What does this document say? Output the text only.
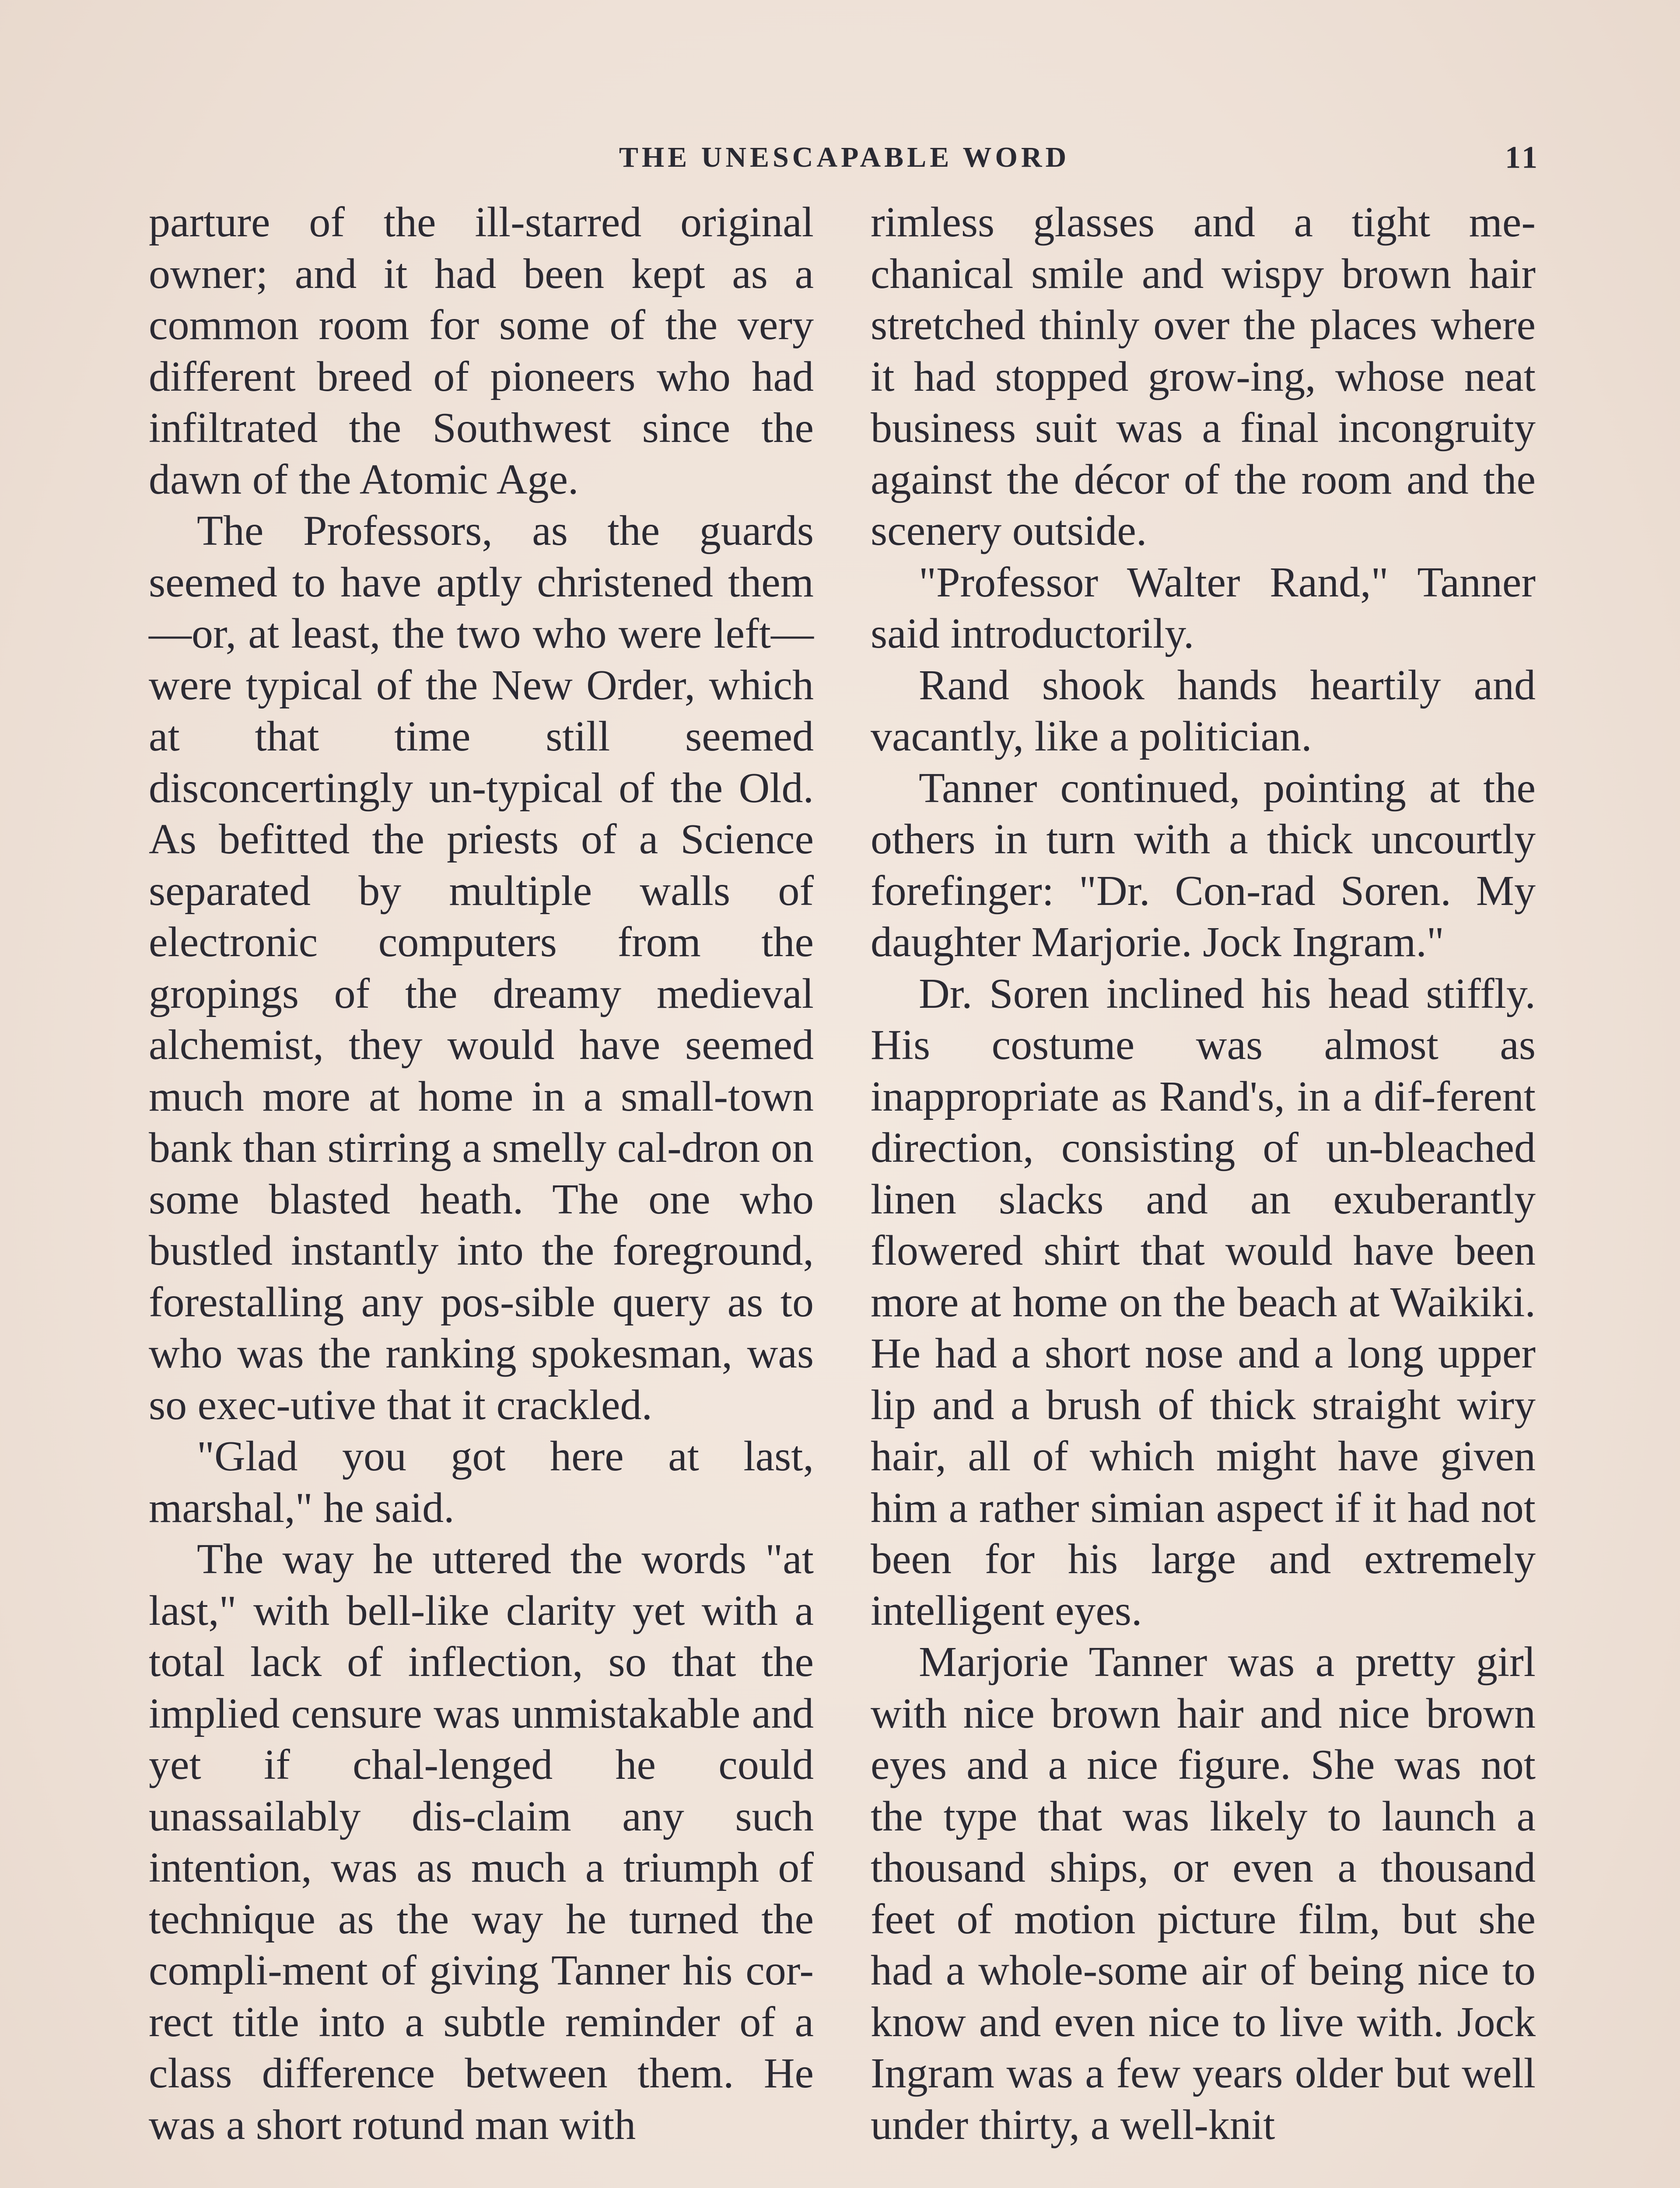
THE UNESCAPABLE WORD	11

parture of the ill-starred original owner; and it had been kept as a common room for some of the very different breed of pioneers who had infiltrated the Southwest since the dawn of the Atomic Age.

The Professors, as the guards seemed to have aptly christened them—or, at least, the two who were left—were typical of the New Order, which at that time still seemed disconcertingly un-typical of the Old. As befitted the priests of a Science separated by multiple walls of electronic computers from the gropings of the dreamy medieval alchemist, they would have seemed much more at home in a small-town bank than stirring a smelly cal-dron on some blasted heath. The one who bustled instantly into the foreground, forestalling any pos-sible query as to who was the ranking spokesman, was so exec-utive that it crackled.

"Glad you got here at last, marshal," he said.

The way he uttered the words "at last," with bell-like clarity yet with a total lack of inflection, so that the implied censure was unmistakable and yet if chal-lenged he could unassailably dis-claim any such intention, was as much a triumph of technique as the way he turned the compli-ment of giving Tanner his cor-rect title into a subtle reminder of a class difference between them. He was a short rotund man with

rimless glasses and a tight me-chanical smile and wispy brown hair stretched thinly over the places where it had stopped grow-ing, whose neat business suit was a final incongruity against the décor of the room and the scenery outside.

"Professor Walter Rand," Tanner said introductorily.

Rand shook hands heartily and vacantly, like a politician.

Tanner continued, pointing at the others in turn with a thick uncourtly forefinger: "Dr. Con-rad Soren. My daughter Marjorie. Jock Ingram."

Dr. Soren inclined his head stiffly. His costume was almost as inappropriate as Rand's, in a dif-ferent direction, consisting of un-bleached linen slacks and an exuberantly flowered shirt that would have been more at home on the beach at Waikiki. He had a short nose and a long upper lip and a brush of thick straight wiry hair, all of which might have given him a rather simian aspect if it had not been for his large and extremely intelligent eyes.

Marjorie Tanner was a pretty girl with nice brown hair and nice brown eyes and a nice figure. She was not the type that was likely to launch a thousand ships, or even a thousand feet of motion picture film, but she had a whole-some air of being nice to know and even nice to live with. Jock Ingram was a few years older but well under thirty, a well-knit
